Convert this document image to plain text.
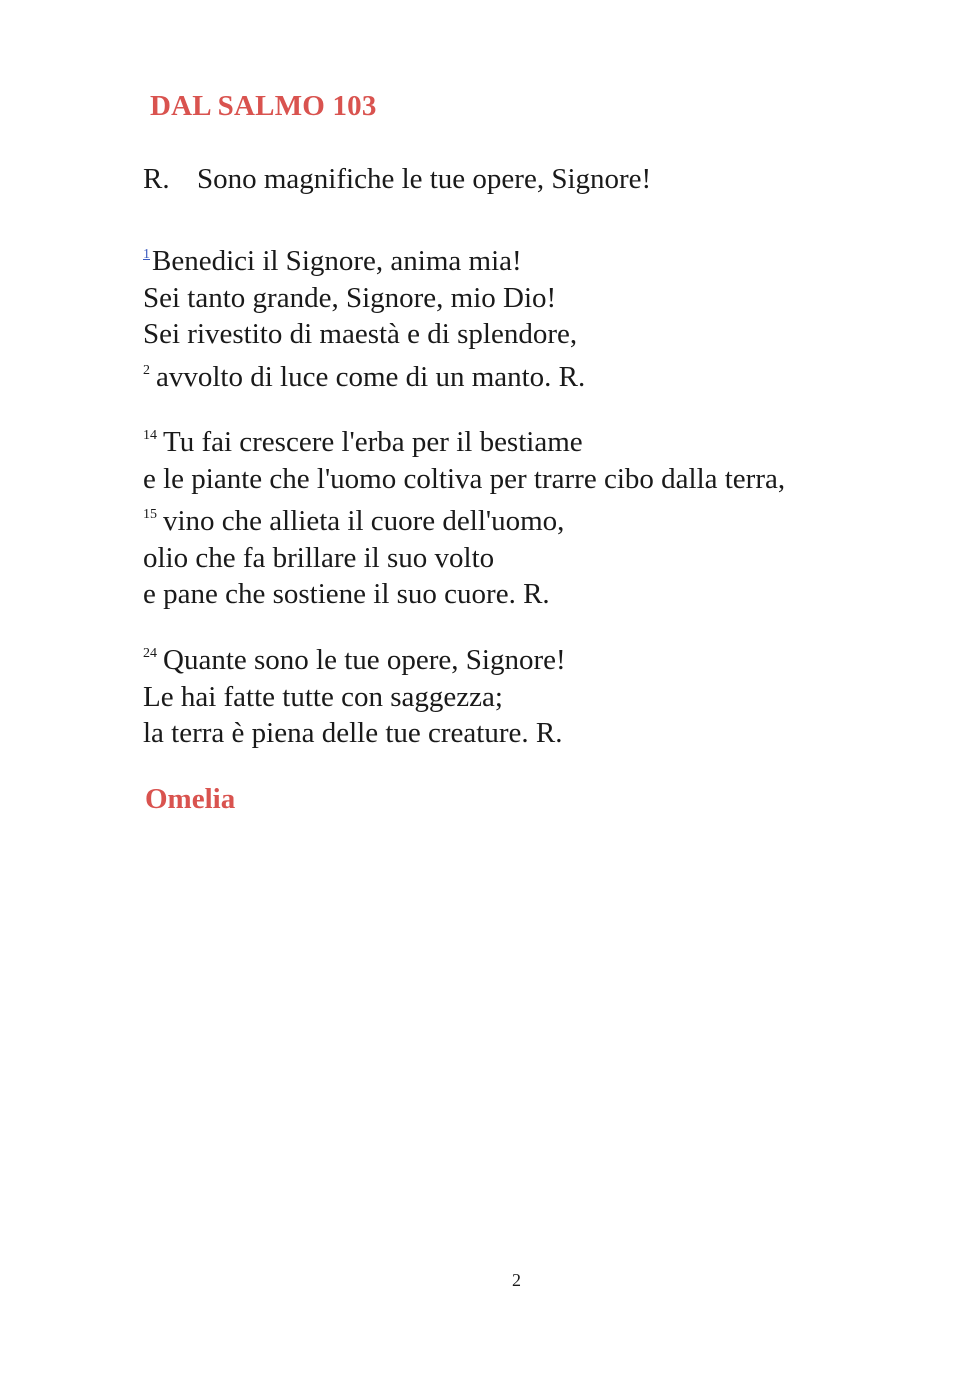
DAL SALMO 103
R. Sono magnifiche le tue opere, Signore!
$^1$Benedici il Signore, anima mia!
Sei tanto grande, Signore, mio Dio!
Sei rivestito di maestà e di splendore,
$^2$ avvolto di luce come di un manto. R.
$^{14}$ Tu fai crescere l'erba per il bestiame
e le piante che l'uomo coltiva per trarre cibo dalla terra,
$^{15}$ vino che allieta il cuore dell'uomo,
olio che fa brillare il suo volto
e pane che sostiene il suo cuore. R.
$^{24}$ Quante sono le tue opere, Signore!
Le hai fatte tutte con saggezza;
la terra è piena delle tue creature. R.
Omelia
2
